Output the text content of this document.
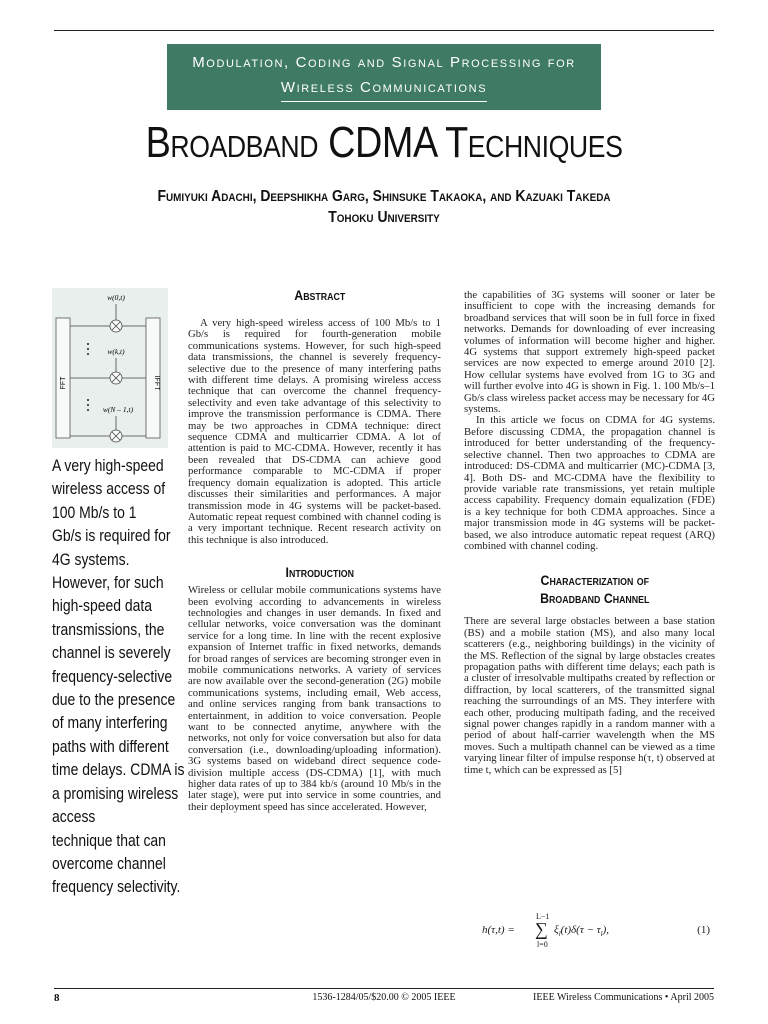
Modulation, Coding and Signal Processing for
Wireless Communications
Broadband CDMA Techniques
Fumiyuki Adachi, Deepshikha Garg, Shinsuke Takaoka, and Kazuaki Takeda
Tohoku University
FFT	IFFT
w(0,t)
w(k,t)
w(N – 1,t)
A very high-speed
wireless access of
100 Mb/s to 1
Gb/s is required for
4G systems.
However, for such
high-speed data
transmissions, the
channel is severely
frequency-selective
due to the presence
of many interfering
paths with different
time delays. CDMA is
a promising wireless
access
technique that can
overcome channel
frequency selectivity.

Abstract

A very high-speed wireless access of 100 Mb/s to 1 Gb/s is required for fourth-generation mobile communications systems. However, for such high-speed data transmissions, the channel is severely frequency-selective due to the presence of many interfering paths with different time delays. A promising wireless access technique that can overcome the channel frequency-selectivity and even take advantage of this selectivity to improve the transmission performance is CDMA. There may be two approaches in CDMA technique: direct sequence CDMA and multicarrier CDMA. A lot of attention is paid to MC-CDMA. However, recently it has been revealed that DS-CDMA can achieve good performance comparable to MC-CDMA if proper frequency domain equalization is adopted. This article discusses their similarities and performances. A major transmission mode in 4G systems will be packet-based. Automatic repeat request combined with channel coding is a very important technique. Recent research activity on this technique is also introduced.

Introduction

Wireless or cellular mobile communications systems have been evolving according to advancements in wireless technologies and changes in user demands. In fixed and cellular networks, voice conversation was the dominant service for a long time. In line with the recent explosive expansion of Internet traffic in fixed networks, demands for broad ranges of services are becoming stronger even in mobile communications networks. A variety of services are now available over the second-generation (2G) mobile communications systems, including email, Web access, and online services ranging from bank transactions to entertainment, in addition to voice conversation. People want to be connected anytime, anywhere with the networks, not only for voice conversation but also for data conversation (i.e., downloading/uploading information). 3G systems based on wideband direct sequence code-division multiple access (DS-CDMA) [1], with much higher data rates of up to 384 kb/s (around 10 Mb/s in the later stage), were put into service in some countries, and their deployment speed has since accelerated. However,

the capabilities of 3G systems will sooner or later be insufficient to cope with the increasing demands for broadband services that will soon be in full force in fixed networks. Demands for downloading of ever increasing volumes of information will become higher and higher. 4G systems that support extremely high-speed packet services are now expected to emerge around 2010 [2]. How cellular systems have evolved from 1G to 3G and will further evolve into 4G is shown in Fig. 1. 100 Mb/s–1 Gb/s class wireless packet access may be necessary for 4G systems.

In this article we focus on CDMA for 4G systems. Before discussing CDMA, the propagation channel is introduced for better understanding of the frequency-selective channel. Then two approaches to CDMA are introduced: DS-CDMA and multicarrier (MC)-CDMA [3, 4]. Both DS- and MC-CDMA have the flexibility to provide variable rate transmissions, yet retain multiple access capability. Frequency domain equalization (FDE) is a key technique for both CDMA approaches. Since a major transmission mode in 4G systems will be packet-based, we also introduce automatic repeat request (ARQ) combined with channel coding.

Characterization of

Broadband Channel

There are several large obstacles between a base station (BS) and a mobile station (MS), and also many local scatterers (e.g., neighboring buildings) in the vicinity of the MS. Reflection of the signal by large obstacles creates propagation paths with different time delays; each path is a cluster of irresolvable multipaths created by reflection or diffraction, by local scatterers, of the transmitted signal reaching the surroundings of an MS. They interfere with each other, producing multipath fading, and the received signal power changes rapidly in a random manner with a period of about half-carrier wavelength when the MS moves. Such a multipath channel can be viewed as a time varying linear filter of impulse response h(τ, t) observed at time t, which can be expressed as [5]

h(τ,t) =
L−1
∑
l=0
$\xi_l(t)\delta(\tau - \tau_l)$,	(1)
8	1536-1284/05/$20.00 © 2005 IEEE	IEEE Wireless Communications • April 2005
